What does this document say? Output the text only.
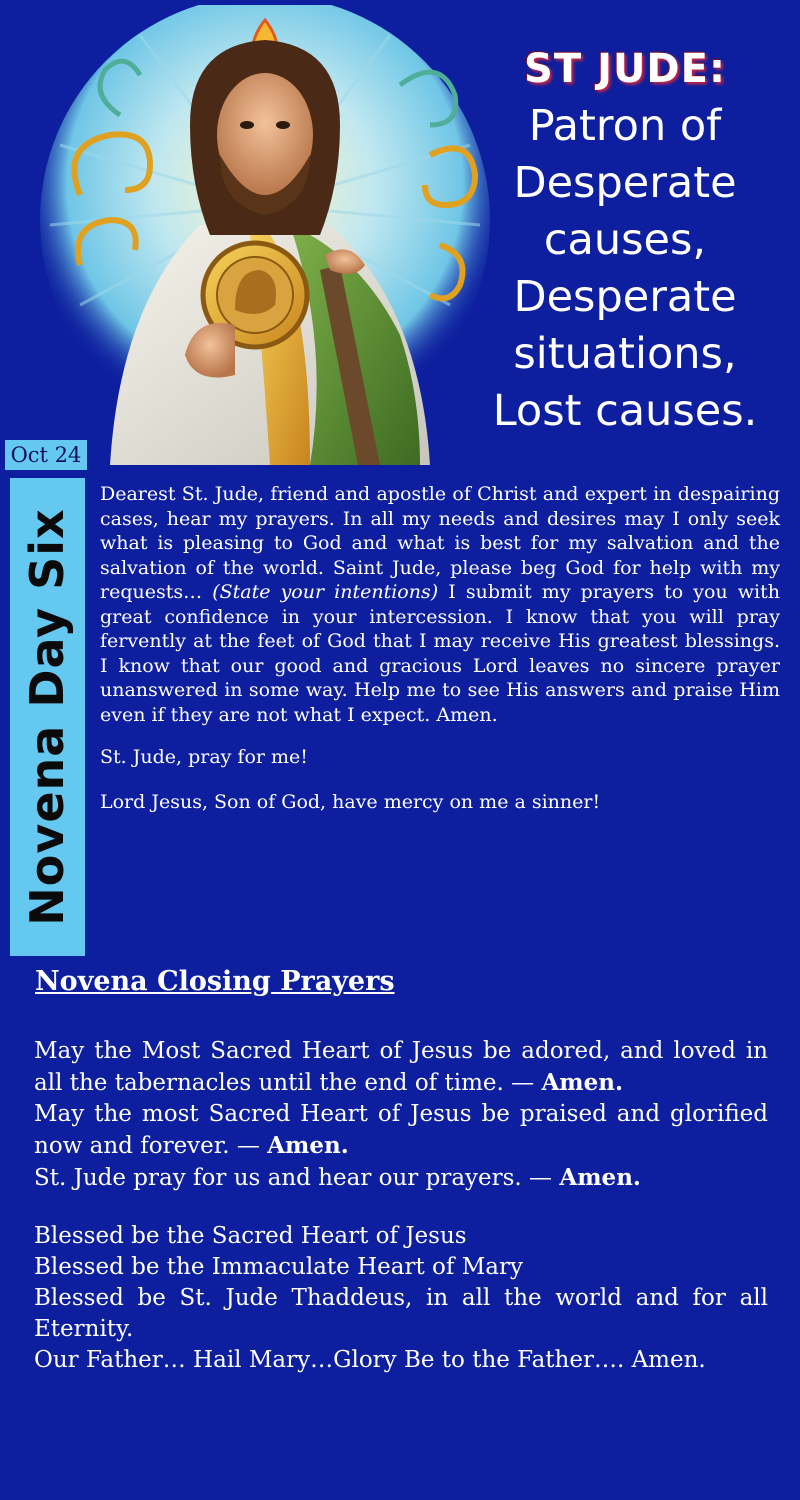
ST JUDE:
Patron of
Desperate
causes,
Desperate
situations,
Lost causes.
Oct 24
Novena Day Six

Dearest St. Jude, friend and apostle of Christ and expert in despairing cases, hear my prayers. In all my needs and desires may I only seek what is pleasing to God and what is best for my salvation and the salvation of the world. Saint Jude, please beg God for help with my requests… (State your intentions) I submit my prayers to you with great confidence in your intercession. I know that you will pray fervently at the feet of God that I may receive His greatest blessings. I know that our good and gracious Lord leaves no sincere prayer unanswered in some way. Help me to see His answers and praise Him even if they are not what I expect. Amen.

St. Jude, pray for me!

Lord Jesus, Son of God, have mercy on me a sinner!

Novena Closing Prayers

May the Most Sacred Heart of Jesus be adored, and loved in all the tabernacles until the end of time. — Amen.

May the most Sacred Heart of Jesus be praised and glorified now and forever. — Amen.

St. Jude pray for us and hear our prayers. — Amen.

Blessed be the Sacred Heart of Jesus

Blessed be the Immaculate Heart of Mary

Blessed be St. Jude Thaddeus, in all the world and for all Eternity.

Our Father… Hail Mary…Glory Be to the Father…. Amen.
